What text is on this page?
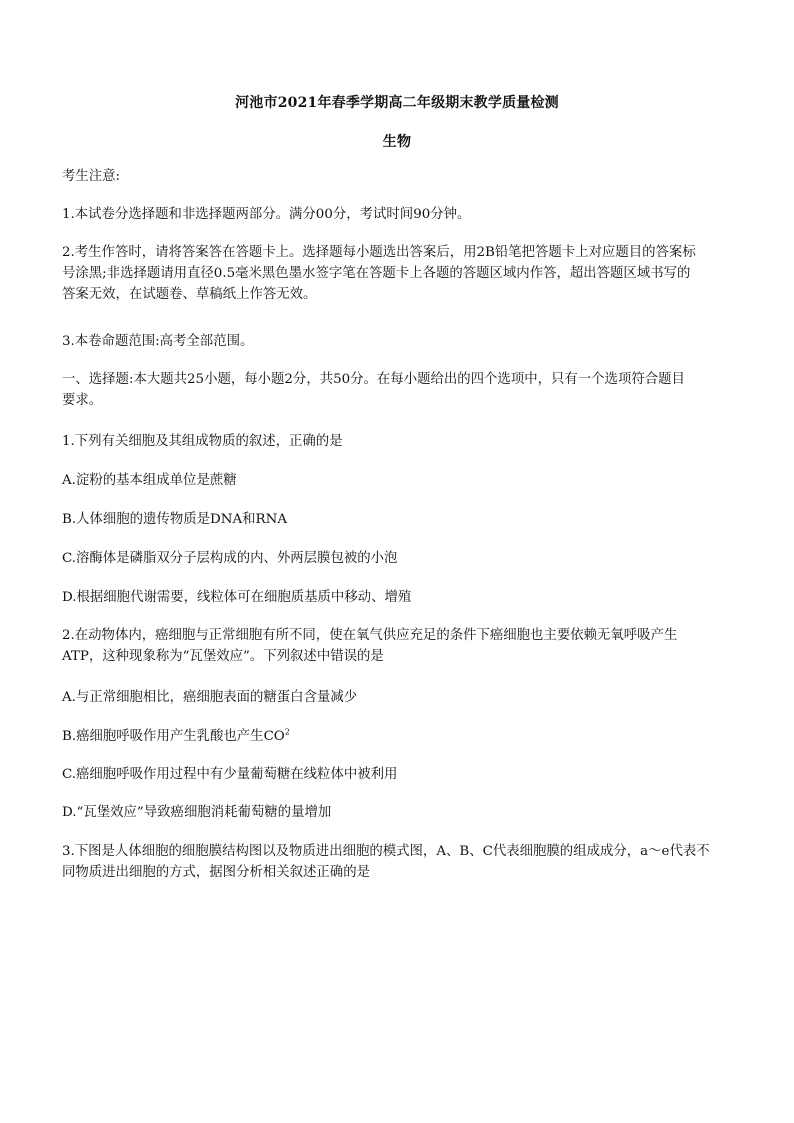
河池市2021年春季学期高二年级期末教学质量检测
生物
考生注意:
1.本试卷分选择题和非选择题两部分。满分00分，考试时间90分钟。
2.考生作答时，请将答案答在答题卡上。选择题每小题选出答案后，用2B铅笔把答题卡上对应题目的答案标
号涂黑;非选择题请用直径0.5毫米黑色墨水签字笔在答题卡上各题的答题区域内作答，超出答题区域书写的
答案无效，在试题卷、草稿纸上作答无效。
3.本卷命题范围:高考全部范围。
一、选择题:本大题共25小题，每小题2分，共50分。在每小题给出的四个选项中，只有一个选项符合题目
要求。
1.下列有关细胞及其组成物质的叙述，正确的是
A.淀粉的基本组成单位是蔗糖
B.人体细胞的遗传物质是DNA和RNA
C.溶酶体是磷脂双分子层构成的内、外两层膜包被的小泡
D.根据细胞代谢需要，线粒体可在细胞质基质中移动、增殖
2.在动物体内，癌细胞与正常细胞有所不同，使在氧气供应充足的条件下癌细胞也主要依赖无氧呼吸产生
ATP，这种现象称为“瓦堡效应”。下列叙述中错误的是
A.与正常细胞相比，癌细胞表面的糖蛋白含量减少
B.癌细胞呼吸作用产生乳酸也产生$CO^2$
C.癌细胞呼吸作用过程中有少量葡萄糖在线粒体中被利用
D.“瓦堡效应”导致癌细胞消耗葡萄糖的量增加
3.下图是人体细胞的细胞膜结构图以及物质进出细胞的模式图，A、B、C代表细胞膜的组成成分，a～e代表不
同物质进出细胞的方式，据图分析相关叙述正确的是
